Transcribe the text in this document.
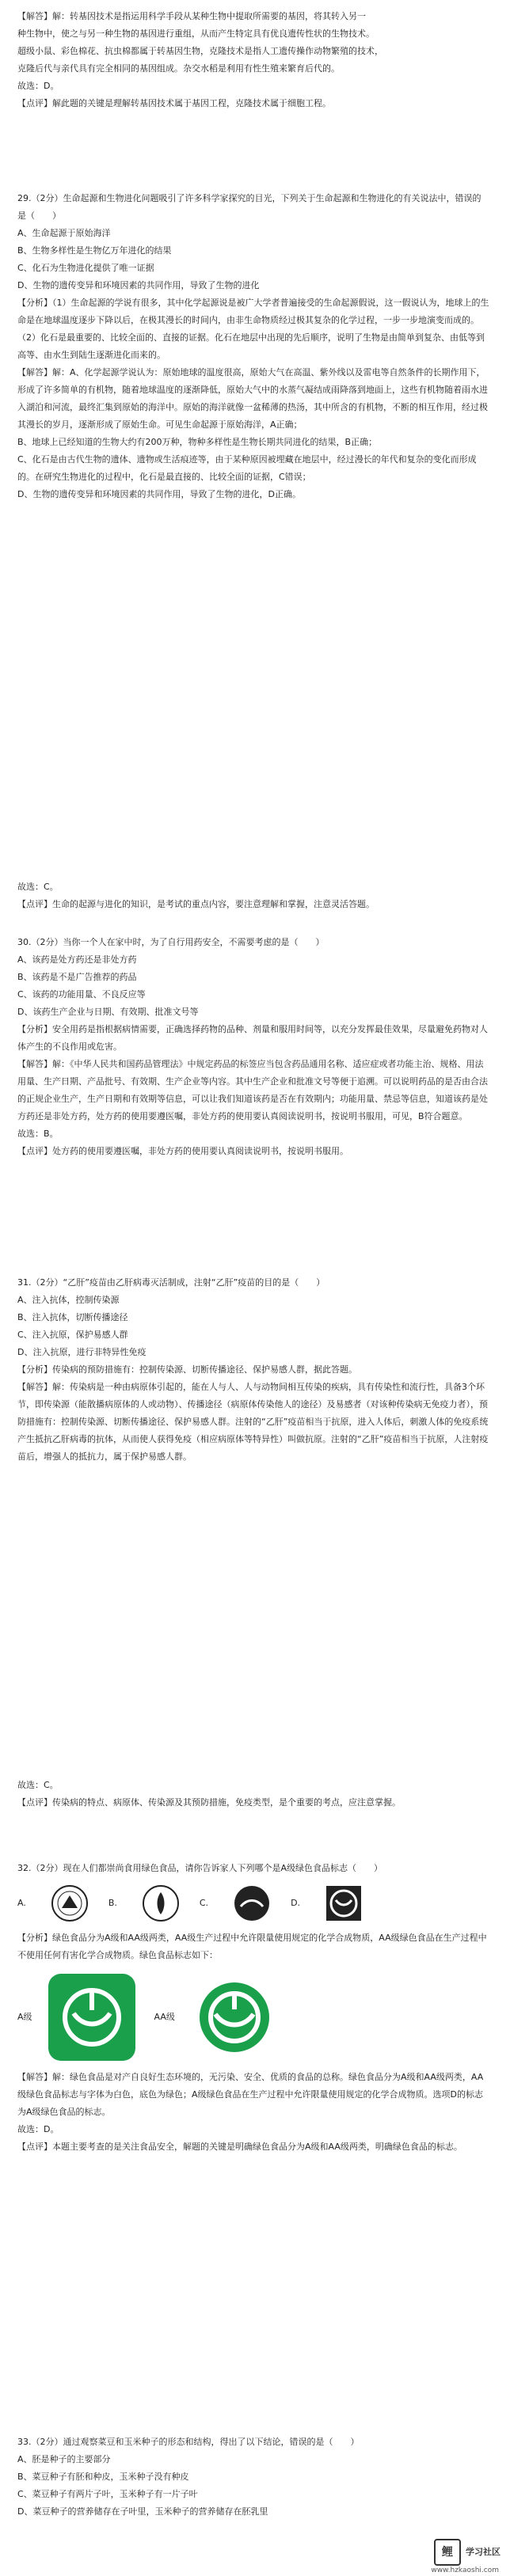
【解答】解：转基因技术是指运用科学手段从某种生物中提取所需要的基因，将其转入另一

种生物中，使之与另一种生物的基因进行重组，从而产生特定具有优良遗传性状的生物技术。

超级小鼠、彩色棉花、抗虫棉都属于转基因生物，克隆技术是指人工遗传操作动物繁殖的技术，

克隆后代与亲代具有完全相同的基因组成。杂交水稻是利用有性生殖来繁育后代的。

故选：D。

【点评】解此题的关键是理解转基因技术属于基因工程，克隆技术属于细胞工程。

29.（2分）生命起源和生物进化问题吸引了许多科学家探究的目光，下列关于生命起源和生物进化的有关说法中，错误的是（　　）

A、生命起源于原始海洋

B、生物多样性是生物亿万年进化的结果

C、化石为生物进化提供了唯一证据

D、生物的遗传变异和环境因素的共同作用，导致了生物的进化

【分析】（1）生命起源的学说有很多，其中化学起源说是被广大学者普遍接受的生命起源假说，这一假说认为，地球上的生命是在地球温度逐步下降以后，在极其漫长的时间内，由非生命物质经过极其复杂的化学过程，一步一步地演变而成的。

（2）化石是最重要的、比较全面的、直接的证据。化石在地层中出现的先后顺序，说明了生物是由简单到复杂、由低等到高等、由水生到陆生逐渐进化而来的。

【解答】解：A、化学起源学说认为：原始地球的温度很高，原始大气在高温、紫外线以及雷电等自然条件的长期作用下，形成了许多简单的有机物，随着地球温度的逐渐降低，原始大气中的水蒸气凝结成雨降落到地面上，这些有机物随着雨水进入湖泊和河流，最终汇集到原始的海洋中。原始的海洋就像一盆稀薄的热汤，其中所含的有机物，不断的相互作用，经过极其漫长的岁月，逐渐形成了原始生命。可见生命起源于原始海洋，A正确；

B、地球上已经知道的生物大约有200万种，物种多样性是生物长期共同进化的结果，B正确；

C、化石是由古代生物的遗体、遗物或生活痕迹等，由于某种原因被埋藏在地层中，经过漫长的年代和复杂的变化而形成的。在研究生物进化的过程中，化石是最直接的、比较全面的证据，C错误；

D、生物的遗传变异和环境因素的共同作用，导致了生物的进化，D正确。

故选：C。

【点评】生命的起源与进化的知识，是考试的重点内容，要注意理解和掌握，注意灵活答题。

30.（2分）当你一个人在家中时，为了自行用药安全，不需要考虑的是（　　）

A、该药是处方药还是非处方药

B、该药是不是广告推荐的药品

C、该药的功能用量、不良反应等

D、该药生产企业与日期、有效期、批准文号等

【分析】安全用药是指根据病情需要，正确选择药物的品种、剂量和服用时间等，以充分发挥最佳效果，尽量避免药物对人体产生的不良作用或危害。

【解答】解：《中华人民共和国药品管理法》中规定药品的标签应当包含药品通用名称、适应症或者功能主治、规格、用法用量、生产日期、产品批号、有效期、生产企业等内容。其中生产企业和批准文号等便于追溯。可以说明药品的是否由合法的正规企业生产，生产日期和有效期等信息，可以让我们知道该药是否在有效期内；功能用量、禁忌等信息，知道该药是处方药还是非处方药，处方药的使用要遵医嘱，非处方药的使用要认真阅读说明书，按说明书服用，可见，B符合题意。

故选：B。

【点评】处方药的使用要遵医嘱，非处方药的使用要认真阅读说明书，按说明书服用。

31.（2分）“乙肝”疫苗由乙肝病毒灭活制成，注射“乙肝”疫苗的目的是（　　）

A、注入抗体，控制传染源

B、注入抗体，切断传播途径

C、注入抗原，保护易感人群

D、注入抗原，进行非特异性免疫

【分析】传染病的预防措施有：控制传染源、切断传播途径、保护易感人群，据此答题。

【解答】解：传染病是一种由病原体引起的，能在人与人、人与动物间相互传染的疾病，具有传染性和流行性，具备3个环节，即传染源（能散播病原体的人或动物）、传播途径（病原体传染他人的途径）及易感者（对该种传染病无免疫力者），预防措施有：控制传染源、切断传播途径、保护易感人群。注射的“乙肝”疫苗相当于抗原，进入人体后，刺激人体的免疫系统产生抵抗乙肝病毒的抗体，从而使人获得免疫（相应病原体等特异性）叫做抗原。注射的“乙肝”疫苗相当于抗原，人注射疫苗后，增强人的抵抗力，属于保护易感人群。

故选：C。

【点评】传染病的特点、病原体、传染源及其预防措施，免疫类型，是个重要的考点，应注意掌握。

32.（2分）现在人们都崇尚食用绿色食品，请你告诉家人下列哪个是A级绿色食品标志（　　）

A.	B.	C.	D.

【分析】绿色食品分为A级和AA级两类，AA级生产过程中允许限量使用规定的化学合成物质，AA级绿色食品在生产过程中不使用任何有害化学合成物质。绿色食品标志如下：

A级	AA级

【解答】解：绿色食品是对产自良好生态环境的，无污染、安全、优质的食品的总称。绿色食品分为A级和AA级两类，AA级绿色食品标志与字体为白色，底色为绿色；A级绿色食品在生产过程中允许限量使用规定的化学合成物质。选项D的标志为A级绿色食品的标志。

故选：D。

【点评】本题主要考查的是关注食品安全，解题的关键是明确绿色食品分为A级和AA级两类，明确绿色食品的标志。

33.（2分）通过观察菜豆和玉米种子的形态和结构，得出了以下结论，错误的是（　　）

A、胚是种子的主要部分

B、菜豆种子有胚和种皮，玉米种子没有种皮

C、菜豆种子有两片子叶，玉米种子有一片子叶

D、菜豆种子的营养储存在子叶里，玉米种子的营养储存在胚乳里

鲤	学习社区
www.hzkaoshi.com
